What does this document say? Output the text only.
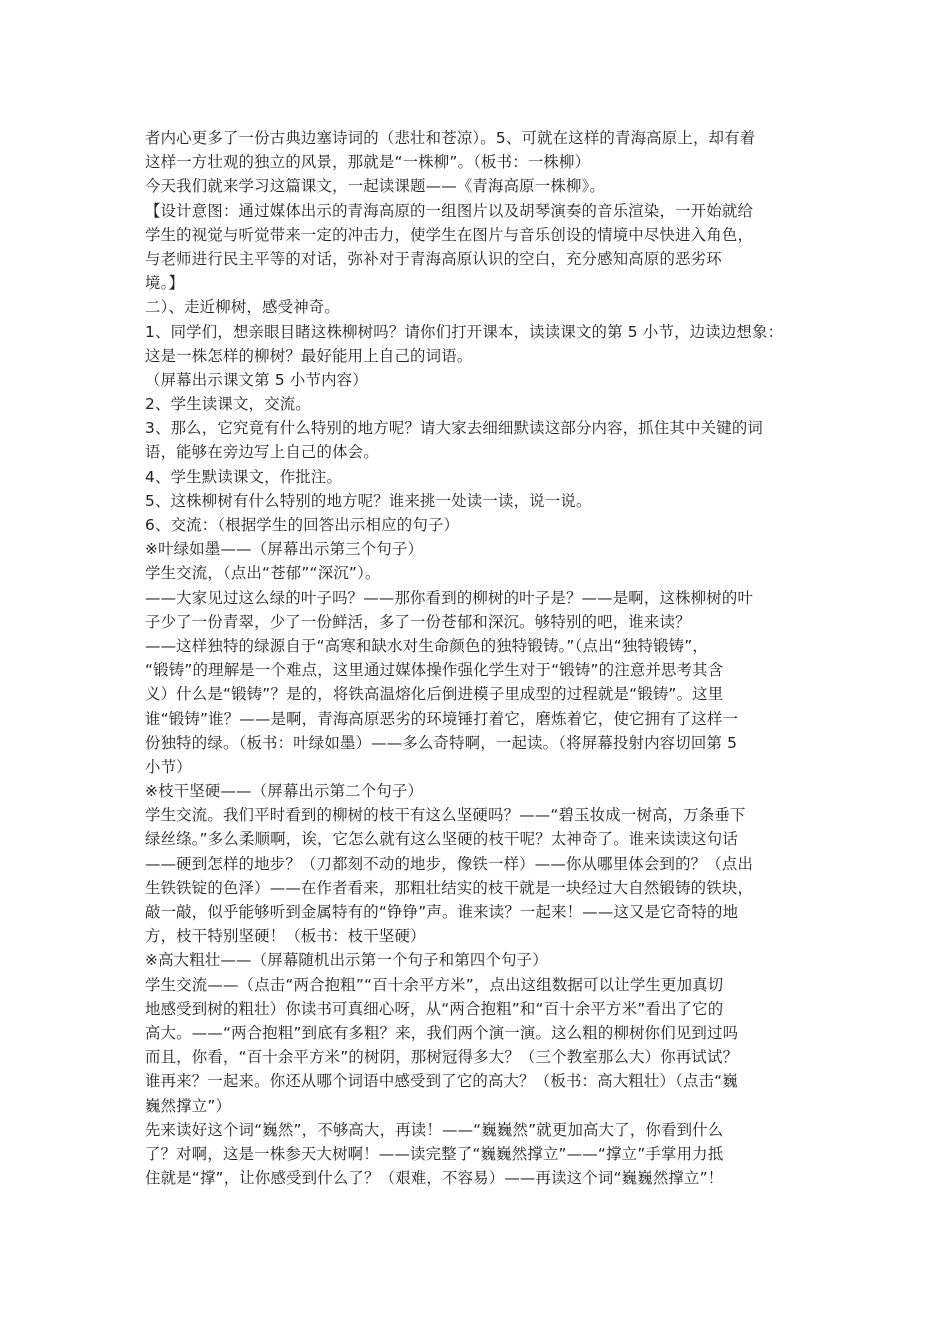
者内心更多了一份古典边塞诗词的（悲壮和苍凉）。5、可就在这样的青海高原上，却有着
这样一方壮观的独立的风景，那就是“一株柳”。（板书：一株柳）
今天我们就来学习这篇课文，一起读课题——《青海高原一株柳》。
【设计意图：通过媒体出示的青海高原的一组图片以及胡琴演奏的音乐渲染，一开始就给
学生的视觉与听觉带来一定的冲击力，使学生在图片与音乐创设的情境中尽快进入角色，
与老师进行民主平等的对话，弥补对于青海高原认识的空白，充分感知高原的恶劣环
境。】
二）、走近柳树，感受神奇。
1、同学们，想亲眼目睹这株柳树吗？请你们打开课本，读读课文的第 5 小节，边读边想象：
这是一株怎样的柳树？最好能用上自己的词语。
（屏幕出示课文第 5 小节内容）
2、学生读课文，交流。
3、那么，它究竟有什么特别的地方呢？请大家去细细默读这部分内容，抓住其中关键的词
语，能够在旁边写上自己的体会。
4、学生默读课文，作批注。
5、这株柳树有什么特别的地方呢？谁来挑一处读一读，说一说。
6、交流：（根据学生的回答出示相应的句子）
※叶绿如墨——（屏幕出示第三个句子）
学生交流，（点出“苍郁”“深沉”）。
——大家见过这么绿的叶子吗？——那你看到的柳树的叶子是？——是啊，这株柳树的叶
子少了一份青翠，少了一份鲜活，多了一份苍郁和深沉。够特别的吧，谁来读？
——这样独特的绿源自于“高寒和缺水对生命颜色的独特锻铸。”（点出“独特锻铸”，
“锻铸”的理解是一个难点，这里通过媒体操作强化学生对于“锻铸”的注意并思考其含
义）什么是“锻铸”？是的，将铁高温熔化后倒进模子里成型的过程就是“锻铸”。这里
谁“锻铸”谁？——是啊，青海高原恶劣的环境锤打着它，磨炼着它，使它拥有了这样一
份独特的绿。（板书：叶绿如墨）——多么奇特啊，一起读。（将屏幕投射内容切回第 5
小节）
※枝干坚硬——（屏幕出示第二个句子）
学生交流。我们平时看到的柳树的枝干有这么坚硬吗？——“碧玉妆成一树高，万条垂下
绿丝绦。”多么柔顺啊，诶，它怎么就有这么坚硬的枝干呢？太神奇了。谁来读读这句话
——硬到怎样的地步？（刀都刻不动的地步，像铁一样）——你从哪里体会到的？（点出
生铁铁锭的色泽）——在作者看来，那粗壮结实的枝干就是一块经过大自然锻铸的铁块，
敲一敲，似乎能够听到金属特有的“铮铮”声。谁来读？一起来！——这又是它奇特的地
方，枝干特别坚硬！（板书：枝干坚硬）
※高大粗壮——（屏幕随机出示第一个句子和第四个句子）
学生交流——（点击“两合抱粗”“百十余平方米”，点出这组数据可以让学生更加真切
地感受到树的粗壮）你读书可真细心呀，从“两合抱粗”和“百十余平方米”看出了它的
高大。——“两合抱粗”到底有多粗？来，我们两个演一演。这么粗的柳树你们见到过吗
而且，你看，“百十余平方米”的树阴，那树冠得多大？（三个教室那么大）你再试试？
谁再来？一起来。你还从哪个词语中感受到了它的高大？（板书：高大粗壮）（点击“巍
巍然撑立”）
先来读好这个词“巍然”，不够高大，再读！——“巍巍然”就更加高大了，你看到什么
了？对啊，这是一株参天大树啊！——读完整了“巍巍然撑立”——“撑立”手掌用力抵
住就是“撑”，让你感受到什么了？（艰难，不容易）——再读这个词“巍巍然撑立”！
